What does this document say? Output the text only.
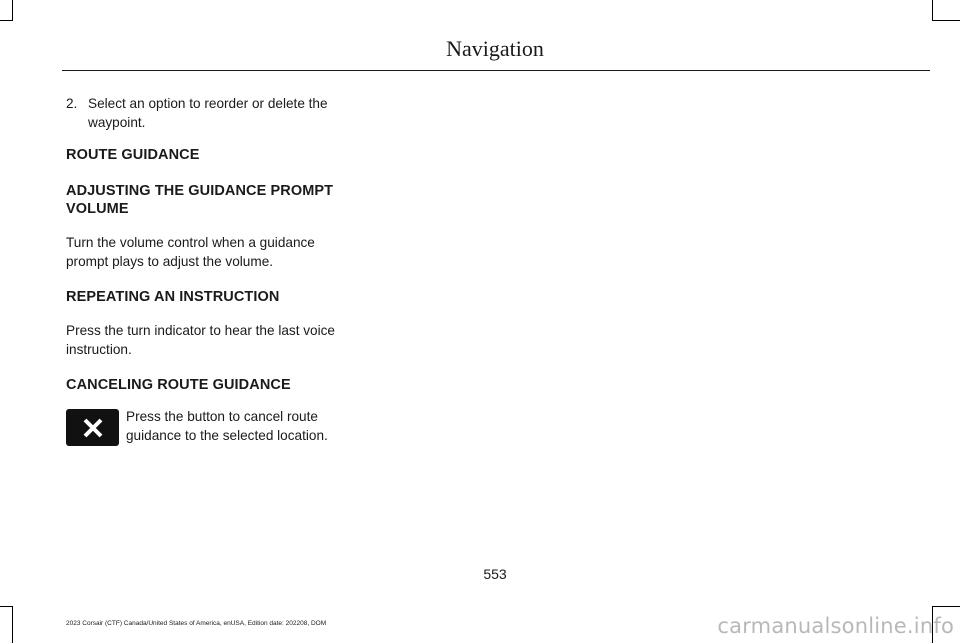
Navigation
2. Select an option to reorder or delete the waypoint.
ROUTE GUIDANCE
ADJUSTING THE GUIDANCE PROMPT VOLUME

Turn the volume control when a guidance prompt plays to adjust the volume.

REPEATING AN INSTRUCTION

Press the turn indicator to hear the last voice instruction.

CANCELING ROUTE GUIDANCE
Press the button to cancel route guidance to the selected location.
553
2023 Corsair (CTF) Canada/United States of America, enUSA, Edition date: 202208, DOM	carmanualsonline.info
